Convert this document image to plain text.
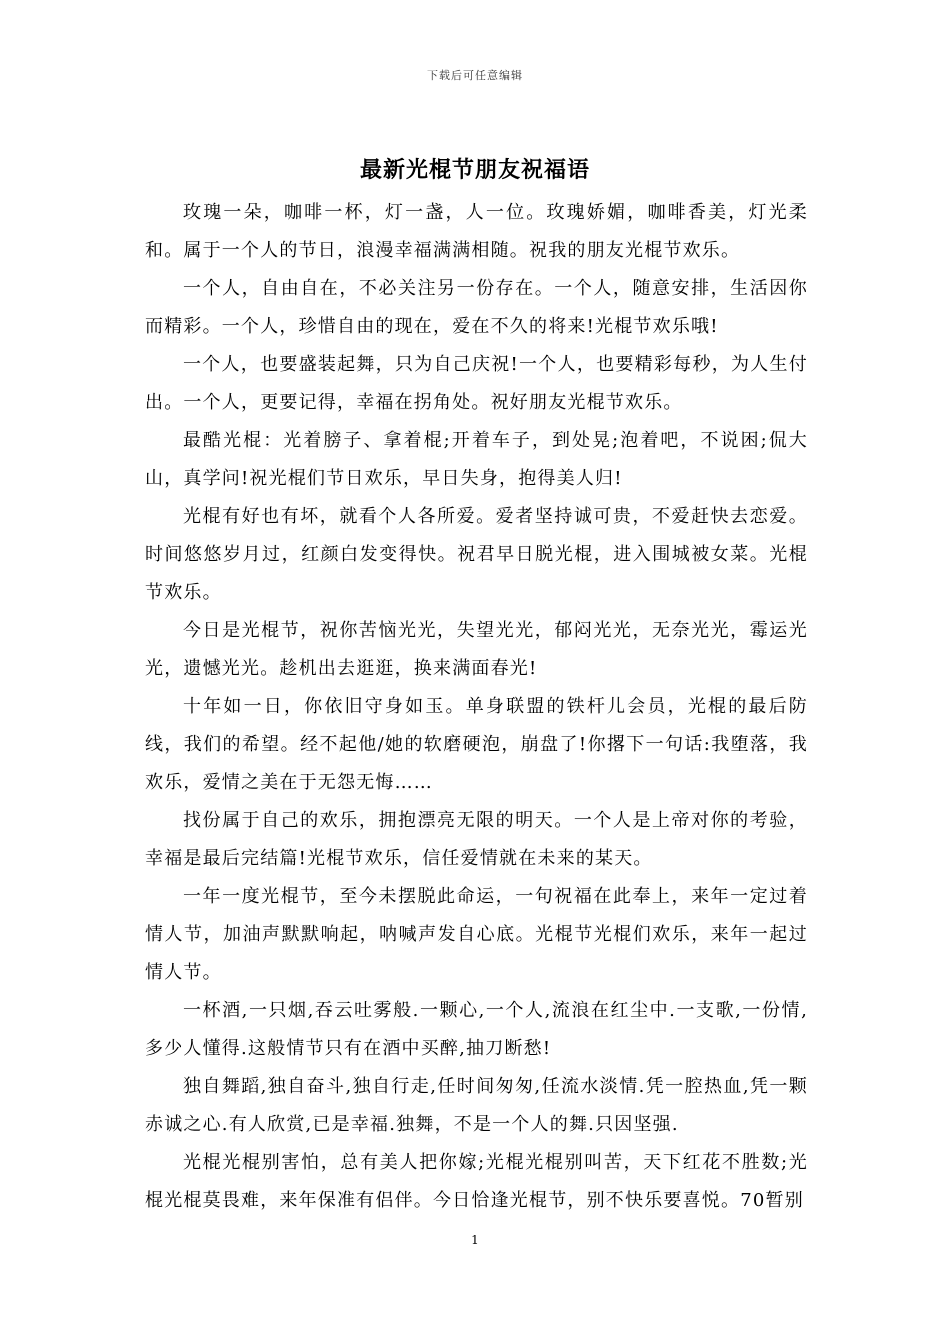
下载后可任意编辑
最新光棍节朋友祝福语

玫瑰一朵，咖啡一杯，灯一盏，人一位。玫瑰娇媚，咖啡香美，灯光柔和。属于一个人的节日，浪漫幸福满满相随。祝我的朋友光棍节欢乐。

一个人，自由自在，不必关注另一份存在。一个人，随意安排，生活因你而精彩。一个人，珍惜自由的现在，爱在不久的将来!光棍节欢乐哦!

一个人，也要盛装起舞，只为自己庆祝!一个人，也要精彩每秒，为人生付出。一个人，更要记得，幸福在拐角处。祝好朋友光棍节欢乐。

最酷光棍：光着膀子、拿着棍;开着车子，到处晃;泡着吧，不说困;侃大山，真学问!祝光棍们节日欢乐，早日失身，抱得美人归!

光棍有好也有坏，就看个人各所爱。爱者坚持诚可贵，不爱赶快去恋爱。时间悠悠岁月过，红颜白发变得快。祝君早日脱光棍，进入围城被女菜。光棍节欢乐。

今日是光棍节，祝你苦恼光光，失望光光，郁闷光光，无奈光光，霉运光光，遗憾光光。趁机出去逛逛，换来满面春光!

十年如一日，你依旧守身如玉。单身联盟的铁杆儿会员，光棍的最后防线，我们的希望。经不起他/她的软磨硬泡，崩盘了!你撂下一句话:我堕落，我欢乐，爱情之美在于无怨无悔……

找份属于自己的欢乐，拥抱漂亮无限的明天。一个人是上帝对你的考验，幸福是最后完结篇!光棍节欢乐，信任爱情就在未来的某天。

一年一度光棍节，至今未摆脱此命运，一句祝福在此奉上，来年一定过着情人节，加油声默默响起，呐喊声发自心底。光棍节光棍们欢乐，来年一起过情人节。

一杯酒,一只烟,吞云吐雾般.一颗心,一个人,流浪在红尘中.一支歌,一份情,多少人懂得.这般情节只有在酒中买醉,抽刀断愁!

独自舞蹈,独自奋斗,独自行走,任时间匆匆,任流水淡情.凭一腔热血,凭一颗赤诚之心.有人欣赏,已是幸福.独舞，不是一个人的舞.只因坚强.

光棍光棍别害怕，总有美人把你嫁;光棍光棍别叫苦，天下红花不胜数;光棍光棍莫畏难，来年保准有侣伴。今日恰逢光棍节，别不快乐要喜悦。70暂别

1
